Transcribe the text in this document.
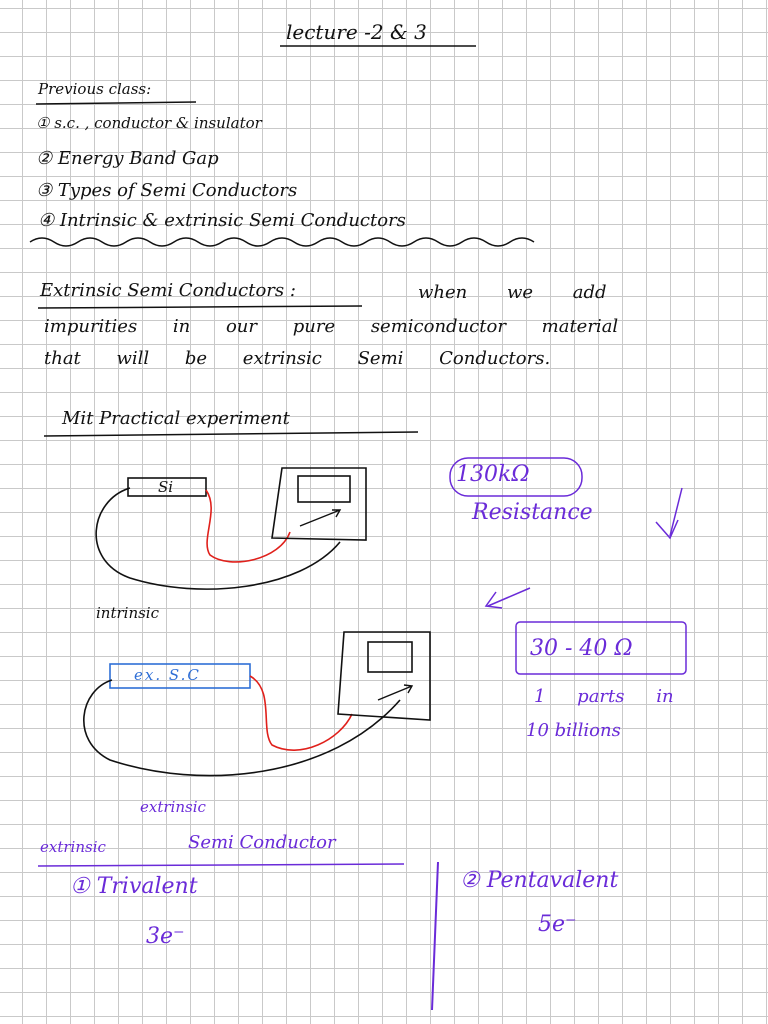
lecture -2 & 3
Previous class:
① s.c. , conductor & insulator
② Energy Band Gap
③ Types of Semi Conductors
④ Intrinsic & extrinsic Semi Conductors
Extrinsic Semi Conductors :	when we add
impurities in our pure semiconductor material
that will be extrinsic Semi Conductors.
Mit Practical experiment
Si
intrinsic
130kΩ
Resistance
ex. S.C
30 - 40 Ω
1 parts in
10 billions
extrinsic
extrinsic	Semi Conductor
① Trivalent
3e⁻
② Pentavalent
5e⁻
